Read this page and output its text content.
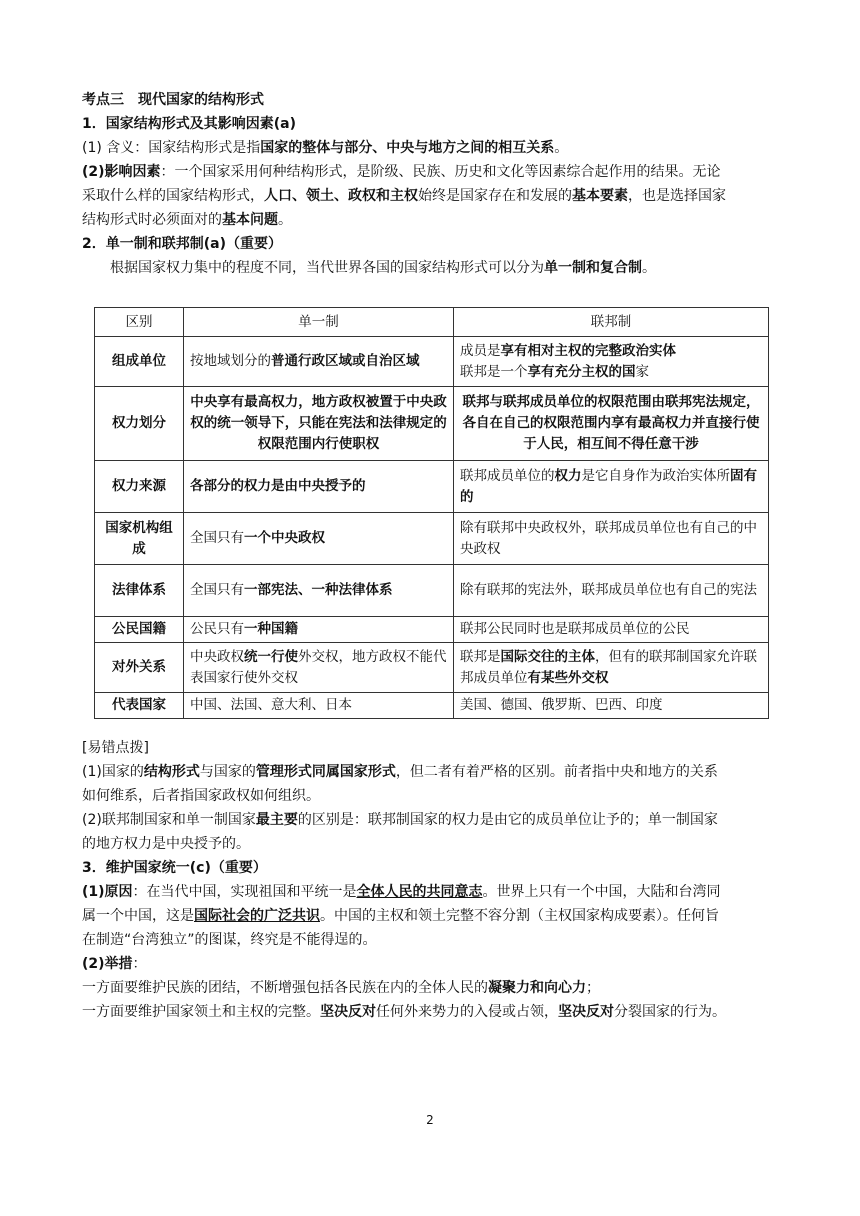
考点三　现代国家的结构形式
1．国家结构形式及其影响因素(a)
(1) 含义：国家结构形式是指国家的整体与部分、中央与地方之间的相互关系。
(2)影响因素：一个国家采用何种结构形式，是阶级、民族、历史和文化等因素综合起作用的结果。无论
采取什么样的国家结构形式，人口、领土、政权和主权始终是国家存在和发展的基本要素，也是选择国家
结构形式时必须面对的基本问题。
2．单一制和联邦制(a)（重要）
根据国家权力集中的程度不同，当代世界各国的国家结构形式可以分为单一制和复合制。
区别	单一制	联邦制
组成单位	按地域划分的普通行政区域或自治区域	成员是享有相对主权的完整政治实体
联邦是一个享有充分主权的国家

权力划分	中央享有最高权力，地方政权被置于中央政权的统一领导下，只能在宪法和法律规定的权限范围内行使职权	联邦与联邦成员单位的权限范围由联邦宪法规定，各自在自己的权限范围内享有最高权力并直接行使于人民，相互间不得任意干涉
权力来源	各部分的权力是由中央授予的	联邦成员单位的权力是它自身作为政治实体所固有的
国家机构组成	全国只有一个中央政权	除有联邦中央政权外，联邦成员单位也有自己的中央政权
法律体系	全国只有一部宪法、一种法律体系	除有联邦的宪法外，联邦成员单位也有自己的宪法
公民国籍	公民只有一种国籍	联邦公民同时也是联邦成员单位的公民
对外关系	中央政权统一行使外交权，地方政权不能代表国家行使外交权	联邦是国际交往的主体，但有的联邦制国家允许联邦成员单位有某些外交权
代表国家	中国、法国、意大利、日本	美国、德国、俄罗斯、巴西、印度
[易错点拨]
(1)国家的结构形式与国家的管理形式同属国家形式，但二者有着严格的区别。前者指中央和地方的关系
如何维系，后者指国家政权如何组织。
(2)联邦制国家和单一制国家最主要的区别是：联邦制国家的权力是由它的成员单位让予的；单一制国家
的地方权力是中央授予的。
3．维护国家统一(c)（重要）
(1)原因：在当代中国，实现祖国和平统一是全体人民的共同意志。世界上只有一个中国，大陆和台湾同
属一个中国，这是国际社会的广泛共识。中国的主权和领土完整不容分割（主权国家构成要素）。任何旨
在制造“台湾独立”的图谋，终究是不能得逞的。
(2)举措：
一方面要维护民族的团结，不断增强包括各民族在内的全体人民的凝聚力和向心力；
一方面要维护国家领土和主权的完整。坚决反对任何外来势力的入侵或占领，坚决反对分裂国家的行为。
2
